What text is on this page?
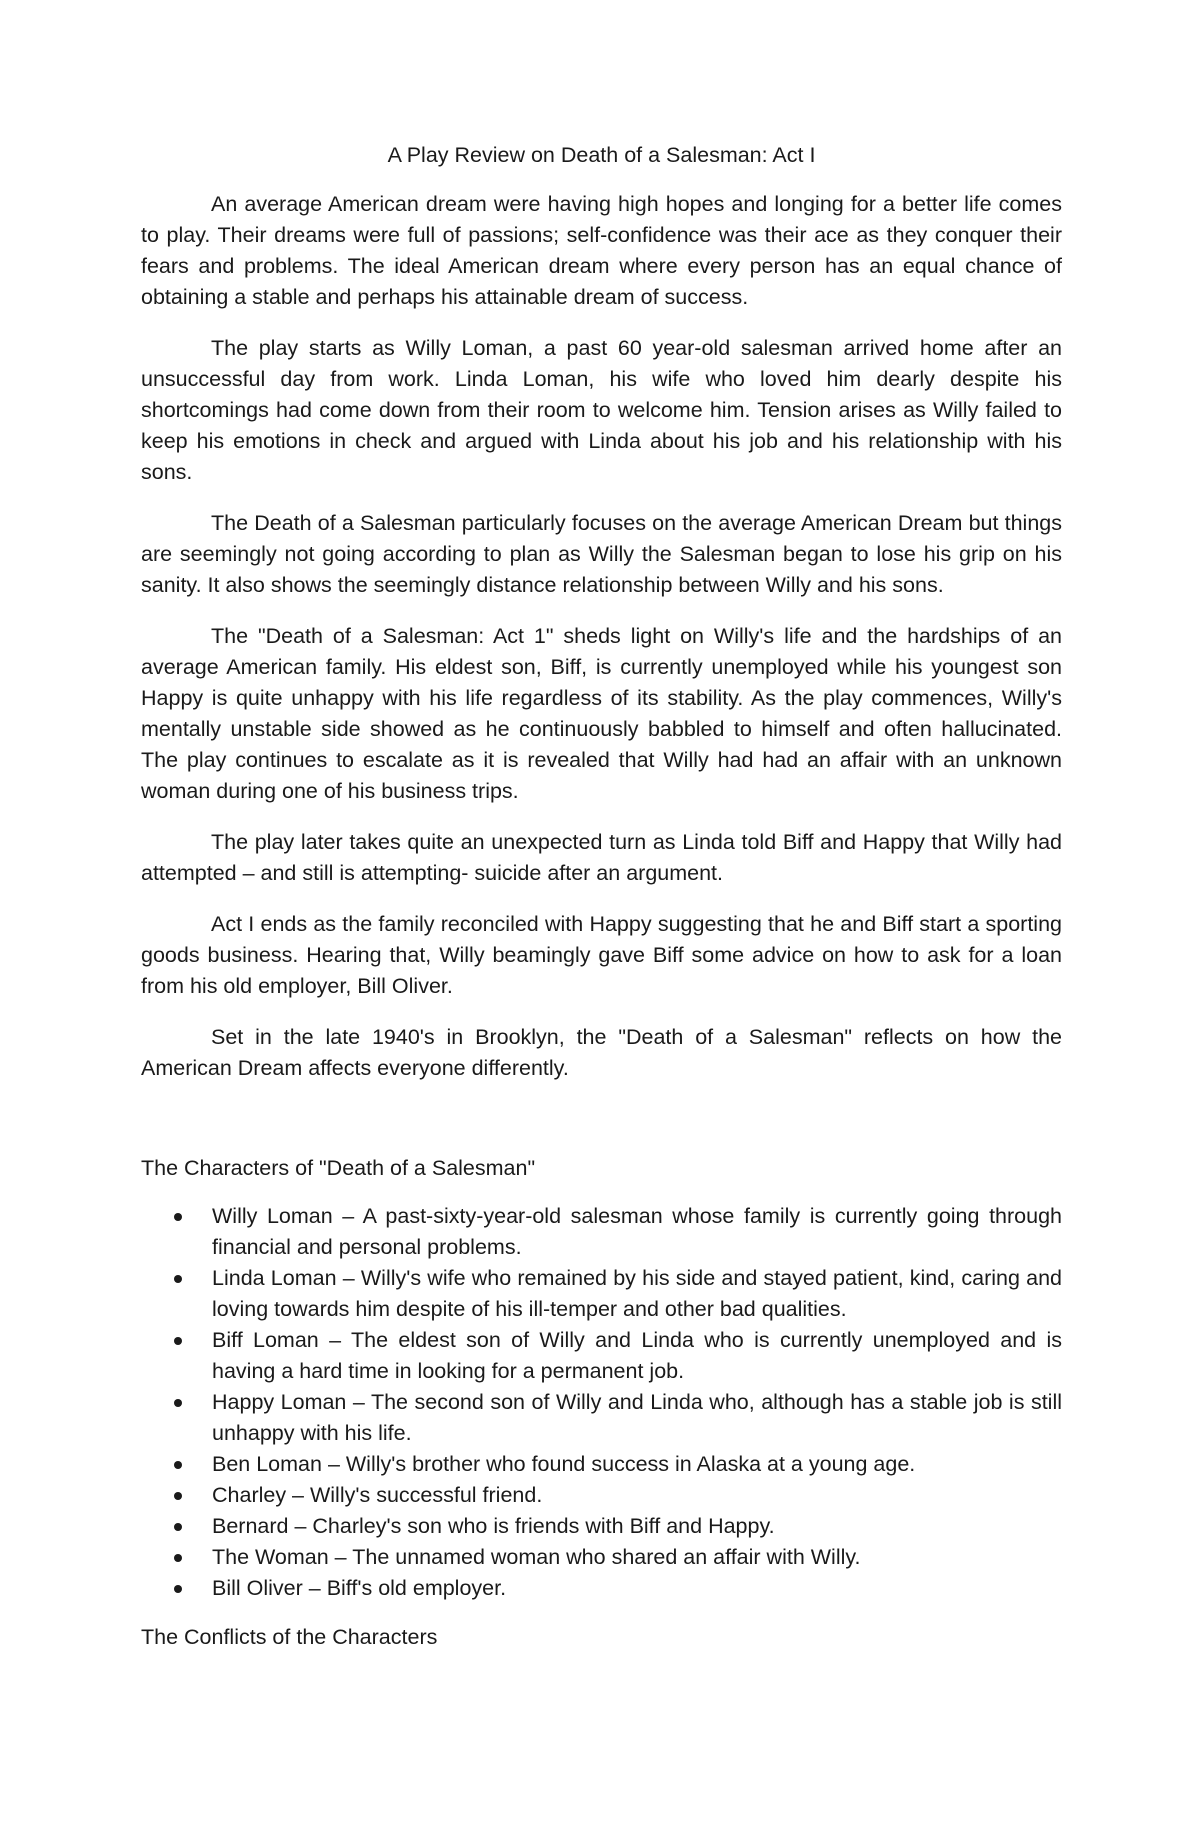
A Play Review on Death of a Salesman: Act I

An average American dream were having high hopes and longing for a better life comes to play. Their dreams were full of passions; self-confidence was their ace as they conquer their fears and problems. The ideal American dream where every person has an equal chance of obtaining a stable and perhaps his attainable dream of success.

The play starts as Willy Loman, a past 60 year-old salesman arrived home after an unsuccessful day from work. Linda Loman, his wife who loved him dearly despite his shortcomings had come down from their room to welcome him. Tension arises as Willy failed to keep his emotions in check and argued with Linda about his job and his relationship with his sons.

The Death of a Salesman particularly focuses on the average American Dream but things are seemingly not going according to plan as Willy the Salesman began to lose his grip on his sanity. It also shows the seemingly distance relationship between Willy and his sons.

The "Death of a Salesman: Act 1" sheds light on Willy's life and the hardships of an average American family. His eldest son, Biff, is currently unemployed while his youngest son Happy is quite unhappy with his life regardless of its stability. As the play commences, Willy's mentally unstable side showed as he continuously babbled to himself and often hallucinated. The play continues to escalate as it is revealed that Willy had had an affair with an unknown woman during one of his business trips.

The play later takes quite an unexpected turn as Linda told Biff and Happy that Willy had attempted – and still is attempting- suicide after an argument.

Act I ends as the family reconciled with Happy suggesting that he and Biff start a sporting goods business. Hearing that, Willy beamingly gave Biff some advice on how to ask for a loan from his old employer, Bill Oliver.

Set in the late 1940's in Brooklyn, the "Death of a Salesman" reflects on how the American Dream affects everyone differently.

The Characters of "Death of a Salesman"
Willy Loman – A past-sixty-year-old salesman whose family is currently going through financial and personal problems.
Linda Loman – Willy's wife who remained by his side and stayed patient, kind, caring and loving towards him despite of his ill-temper and other bad qualities.
Biff Loman – The eldest son of Willy and Linda who is currently unemployed and is having a hard time in looking for a permanent job.
Happy Loman – The second son of Willy and Linda who, although has a stable job is still unhappy with his life.
Ben Loman – Willy's brother who found success in Alaska at a young age.
Charley – Willy's successful friend.
Bernard – Charley's son who is friends with Biff and Happy.
The Woman – The unnamed woman who shared an affair with Willy.
Bill Oliver – Biff's old employer.
The Conflicts of the Characters
